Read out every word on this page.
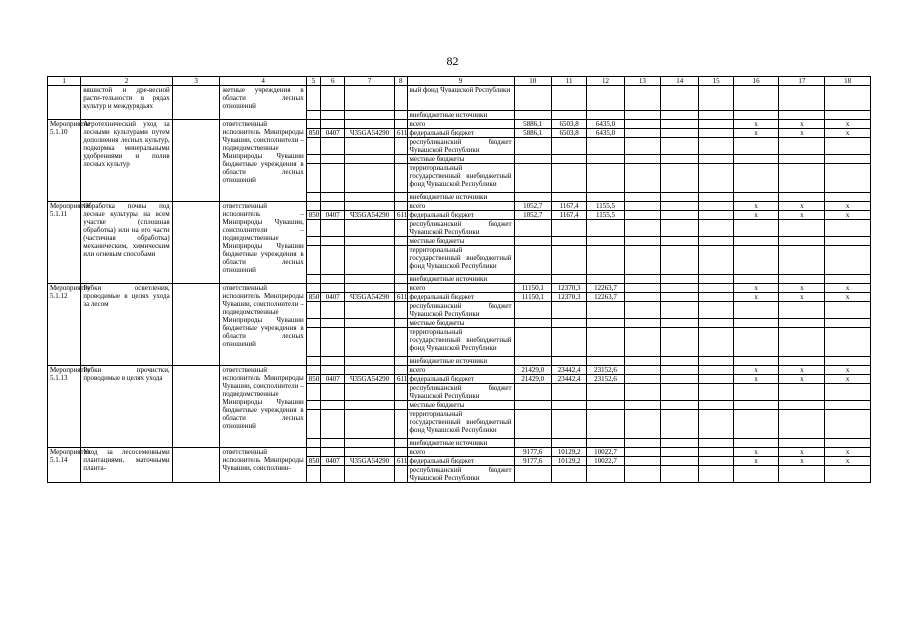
82
1	2	3	4	5	6	7	8	9	10	11	12	13	14	15	16	17	18
	вяшистой и дре-весной расти-тельности в рядах культур и междурядьях		жетные учреждения в области лесных отношений					вый фонд Чувашской Республики									
								внебюджетные источники									
Мероприятие 5.1.10	Агротехнический уход за лесными культурами путем дополнения лесных культур, подкормка минеральными удобрениями и полив лесных культур		ответственный исполнитель Минприроды Чувашии, соисполнители – подведомственные Минприроды Чувашии бюджетные учреждения в области лесных отношений					всего	5886,1	6503,8	6435,0				x	x	x
				850	0407	Ч35GA54290	611	федеральный бюджет	5886,1	6503,8	6435,0				x	x	x
								республиканский бюджет Чувашской Республики									
								местные бюджеты									
								территориальный государственный внебюджетный фонд Чувашской Республики									
								внебюджетные источники									
Мероприятие 5.1.11	Обработка почвы под лесные культуры на всем участке (сплошная обработка) или на его части (частичная обработка) механическим, химическим или огневым способами		ответственный исполнитель – Минприроды Чувашии, соисполнители – подведомственные Минприроды Чувашии бюджетные учреждения в области лесных отношений					всего	1052,7	1167,4	1155,5				x	x	x
				850	0407	Ч35GA54290	611	федеральный бюджет	1052,7	1167,4	1155,5				x	x	x
								республиканский бюджет Чувашской Республики									
								местные бюджеты									
								территориальный государственный внебюджетный фонд Чувашской Республики									
								внебюджетные источники									
Мероприятие 5.1.12	Рубки осветления, проводимые в целях ухода за лесом		ответственный исполнитель Минприроды Чувашии, соисполнители – подведомственные Минприроды Чувашии бюджетные учреждения в области лесных отношений					всего	11150,1	12370,3	12263,7				x	x	x
				850	0407	Ч35GA54290	611	федеральный бюджет	11150,1	12370,3	12263,7				x	x	x
								республиканский бюджет Чувашской Республики									
								местные бюджеты									
								территориальный государственный внебюджетный фонд Чувашской Республики									
								внебюджетные источники									
Мероприятие 5.1.13	Рубки прочистки, проводимые в целях ухода		ответственный исполнитель Минприроды Чувашии, соисполнители – подведомственные Минприроды Чувашии бюджетные учреждения в области лесных отношений					всего	21429,0	23442,4	23152,6				x	x	x
				850	0407	Ч35GA54290	611	федеральный бюджет	21429,0	23442,4	23152,6				x	x	x
								республиканский бюджет Чувашской Республики									
								местные бюджеты									
								территориальный государственный внебюджетный фонд Чувашской Республики									
								внебюджетные источники									
Мероприятие 5.1.14	Уход за лесосеменными плантациями, маточными планта-		ответственный исполнитель Минприроды Чувашии, соисполнин-					всего	9177,6	10129,2	10022,7				x	x	x
				850	0407	Ч35GA54290	611	федеральный бюджет	9177,6	10129,2	10022,7				x	x	x
								республиканский бюджет Чувашской Республики									
